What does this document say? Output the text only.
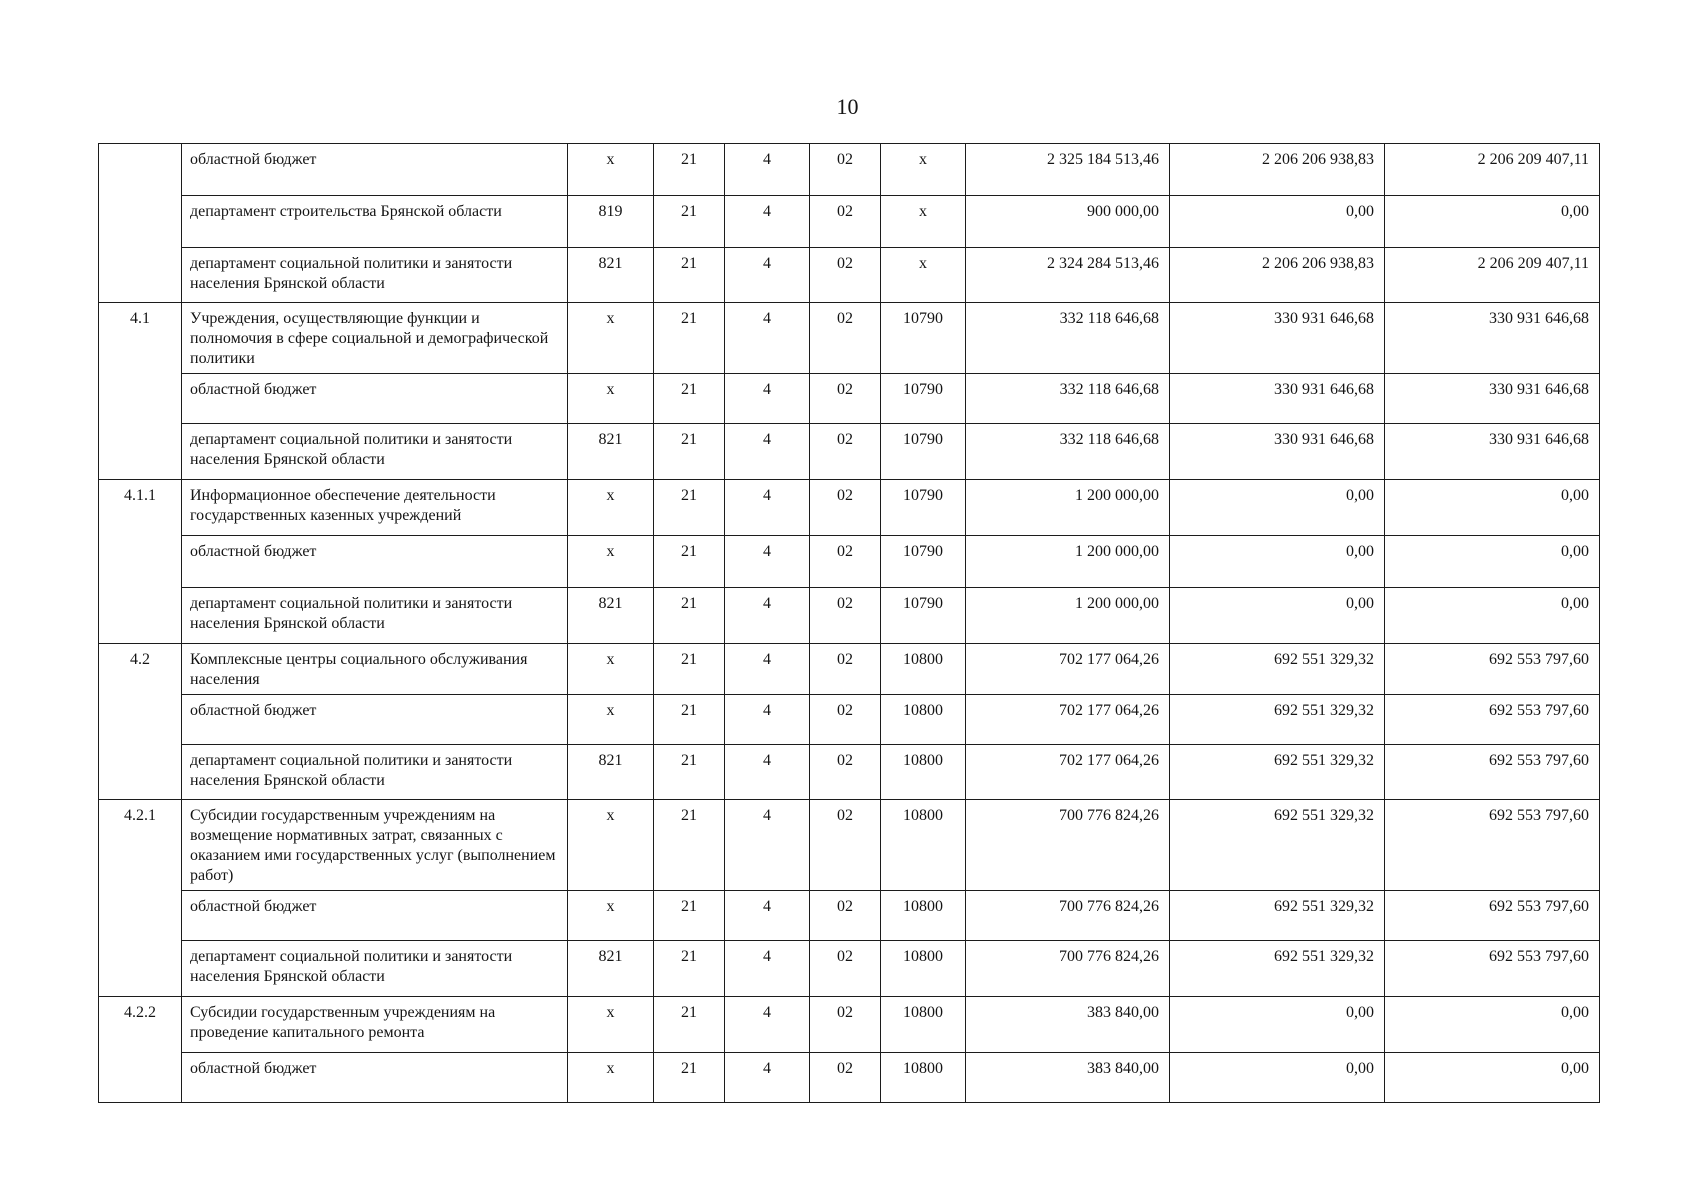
10
	областной бюджет	х	21	4	02	х	2 325 184 513,46	2 206 206 938,83	2 206 209 407,11
	департамент строительства Брянской области	819	21	4	02	х	900 000,00	0,00	0,00
	департамент социальной политики и занятости населения Брянской области	821	21	4	02	х	2 324 284 513,46	2 206 206 938,83	2 206 209 407,11
4.1	Учреждения, осуществляющие функции и полномочия в сфере социальной и демографической политики	х	21	4	02	10790	332 118 646,68	330 931 646,68	330 931 646,68
	областной бюджет	х	21	4	02	10790	332 118 646,68	330 931 646,68	330 931 646,68
	департамент социальной политики и занятости населения Брянской области	821	21	4	02	10790	332 118 646,68	330 931 646,68	330 931 646,68
4.1.1	Информационное обеспечение деятельности государственных казенных учреждений	х	21	4	02	10790	1 200 000,00	0,00	0,00
	областной бюджет	х	21	4	02	10790	1 200 000,00	0,00	0,00
	департамент социальной политики и занятости населения Брянской области	821	21	4	02	10790	1 200 000,00	0,00	0,00
4.2	Комплексные центры социального обслуживания населения	х	21	4	02	10800	702 177 064,26	692 551 329,32	692 553 797,60
	областной бюджет	х	21	4	02	10800	702 177 064,26	692 551 329,32	692 553 797,60
	департамент социальной политики и занятости населения Брянской области	821	21	4	02	10800	702 177 064,26	692 551 329,32	692 553 797,60
4.2.1	Субсидии государственным учреждениям на возмещение нормативных затрат, связанных с оказанием ими государственных услуг (выполнением работ)	х	21	4	02	10800	700 776 824,26	692 551 329,32	692 553 797,60
	областной бюджет	х	21	4	02	10800	700 776 824,26	692 551 329,32	692 553 797,60
	департамент социальной политики и занятости населения Брянской области	821	21	4	02	10800	700 776 824,26	692 551 329,32	692 553 797,60
4.2.2	Субсидии государственным учреждениям на проведение капитального ремонта	х	21	4	02	10800	383 840,00	0,00	0,00
	областной бюджет	х	21	4	02	10800	383 840,00	0,00	0,00
